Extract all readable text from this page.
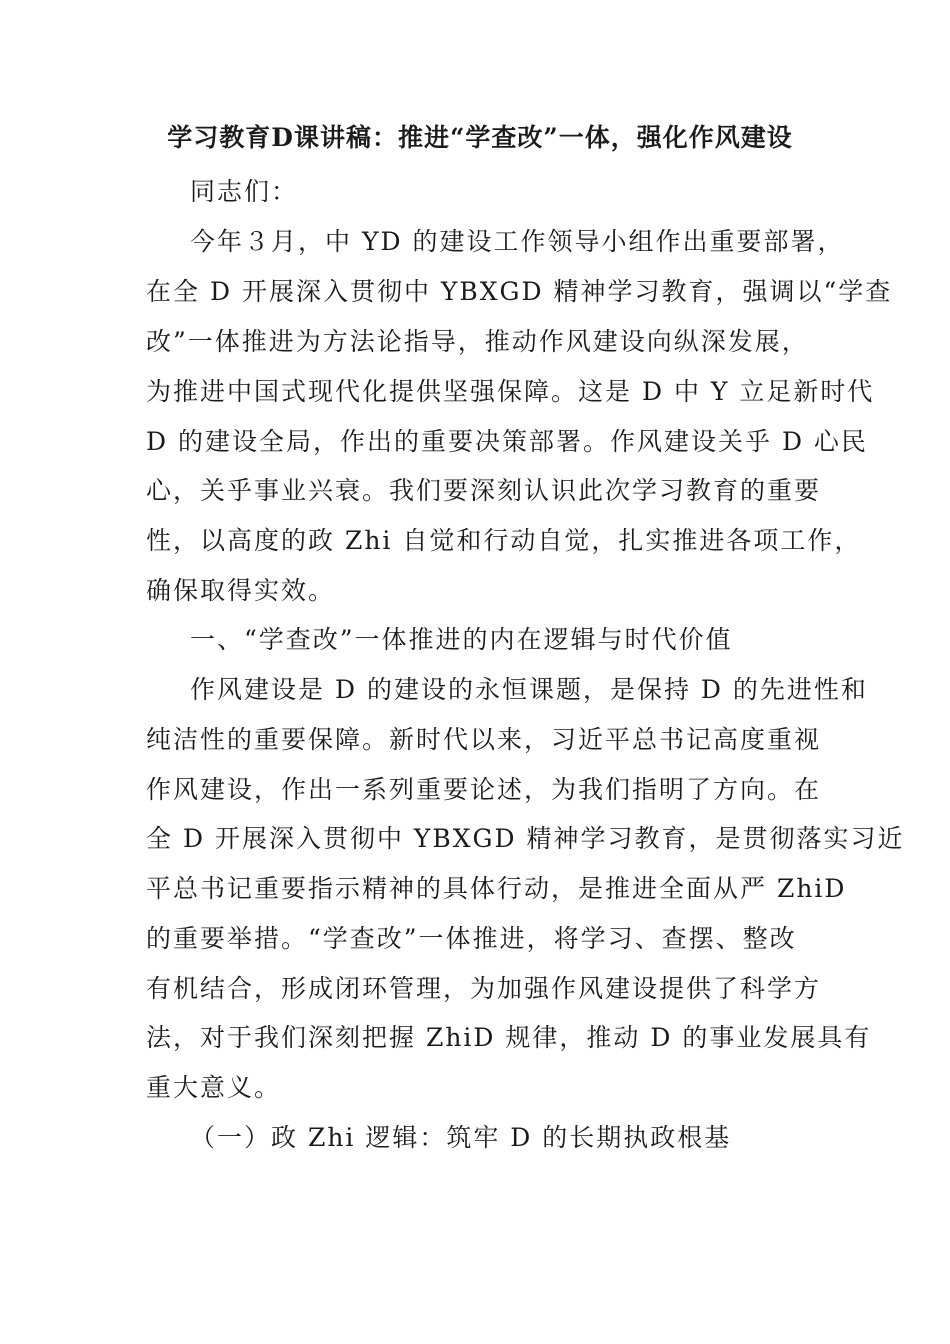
学习教育D课讲稿：推进“学查改”一体，强化作风建设
同志们：
今年３月，中 YD 的建设工作领导小组作出重要部署，
在全 D 开展深入贯彻中 YBXGD 精神学习教育，强调以“学查
改”一体推进为方法论指导，推动作风建设向纵深发展，
为推进中国式现代化提供坚强保障。这是 D 中 Y 立足新时代
D 的建设全局，作出的重要决策部署。作风建设关乎 D 心民
心，关乎事业兴衰。我们要深刻认识此次学习教育的重要
性，以高度的政 Zhi 自觉和行动自觉，扎实推进各项工作，
确保取得实效。
一、“学查改”一体推进的内在逻辑与时代价值
作风建设是 D 的建设的永恒课题，是保持 D 的先进性和
纯洁性的重要保障。新时代以来，习近平总书记高度重视
作风建设，作出一系列重要论述，为我们指明了方向。在
全 D 开展深入贯彻中 YBXGD 精神学习教育，是贯彻落实习近
平总书记重要指示精神的具体行动，是推进全面从严 ZhiD
的重要举措。“学查改”一体推进，将学习、查摆、整改
有机结合，形成闭环管理，为加强作风建设提供了科学方
法，对于我们深刻把握 ZhiD 规律，推动 D 的事业发展具有
重大意义。
（一）政 Zhi 逻辑：筑牢 D 的长期执政根基
